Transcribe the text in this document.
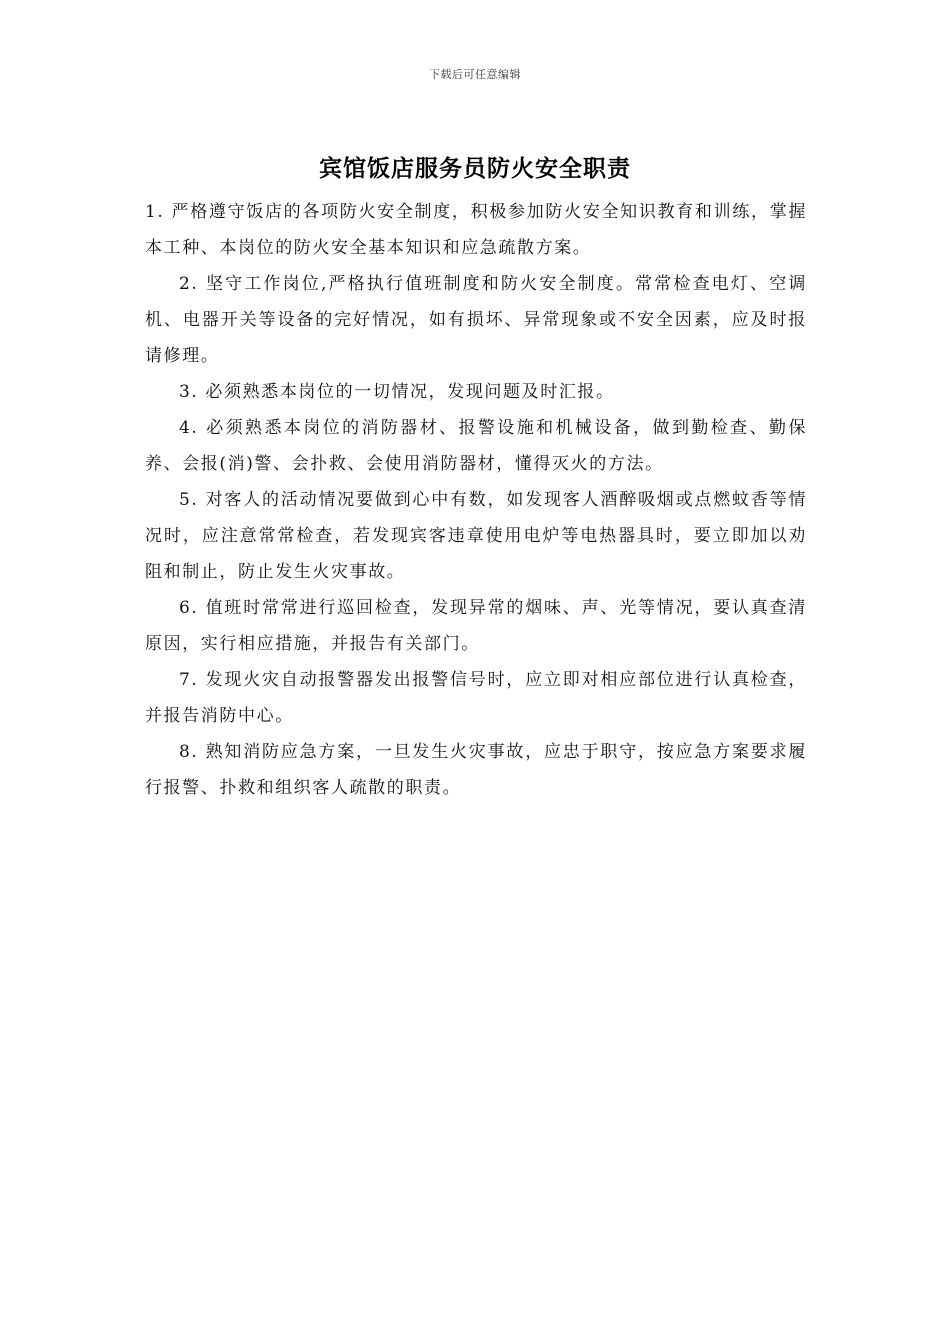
下载后可任意编辑
宾馆饭店服务员防火安全职责

1. 严格遵守饭店的各项防火安全制度，积极参加防火安全知识教育和训练，掌握本工种、本岗位的防火安全基本知识和应急疏散方案。

2. 坚守工作岗位,严格执行值班制度和防火安全制度。常常检查电灯、空调机、电器开关等设备的完好情况，如有损坏、异常现象或不安全因素，应及时报请修理。

3. 必须熟悉本岗位的一切情况，发现问题及时汇报。

4. 必须熟悉本岗位的消防器材、报警设施和机械设备，做到勤检查、勤保养、会报(消)警、会扑救、会使用消防器材，懂得灭火的方法。

5. 对客人的活动情况要做到心中有数，如发现客人酒醉吸烟或点燃蚊香等情况时，应注意常常检查，若发现宾客违章使用电炉等电热器具时，要立即加以劝阻和制止，防止发生火灾事故。

6. 值班时常常进行巡回检查，发现异常的烟味、声、光等情况，要认真查清原因，实行相应措施，并报告有关部门。

7. 发现火灾自动报警器发出报警信号时，应立即对相应部位进行认真检查，并报告消防中心。

8. 熟知消防应急方案，一旦发生火灾事故，应忠于职守，按应急方案要求履行报警、扑救和组织客人疏散的职责。
